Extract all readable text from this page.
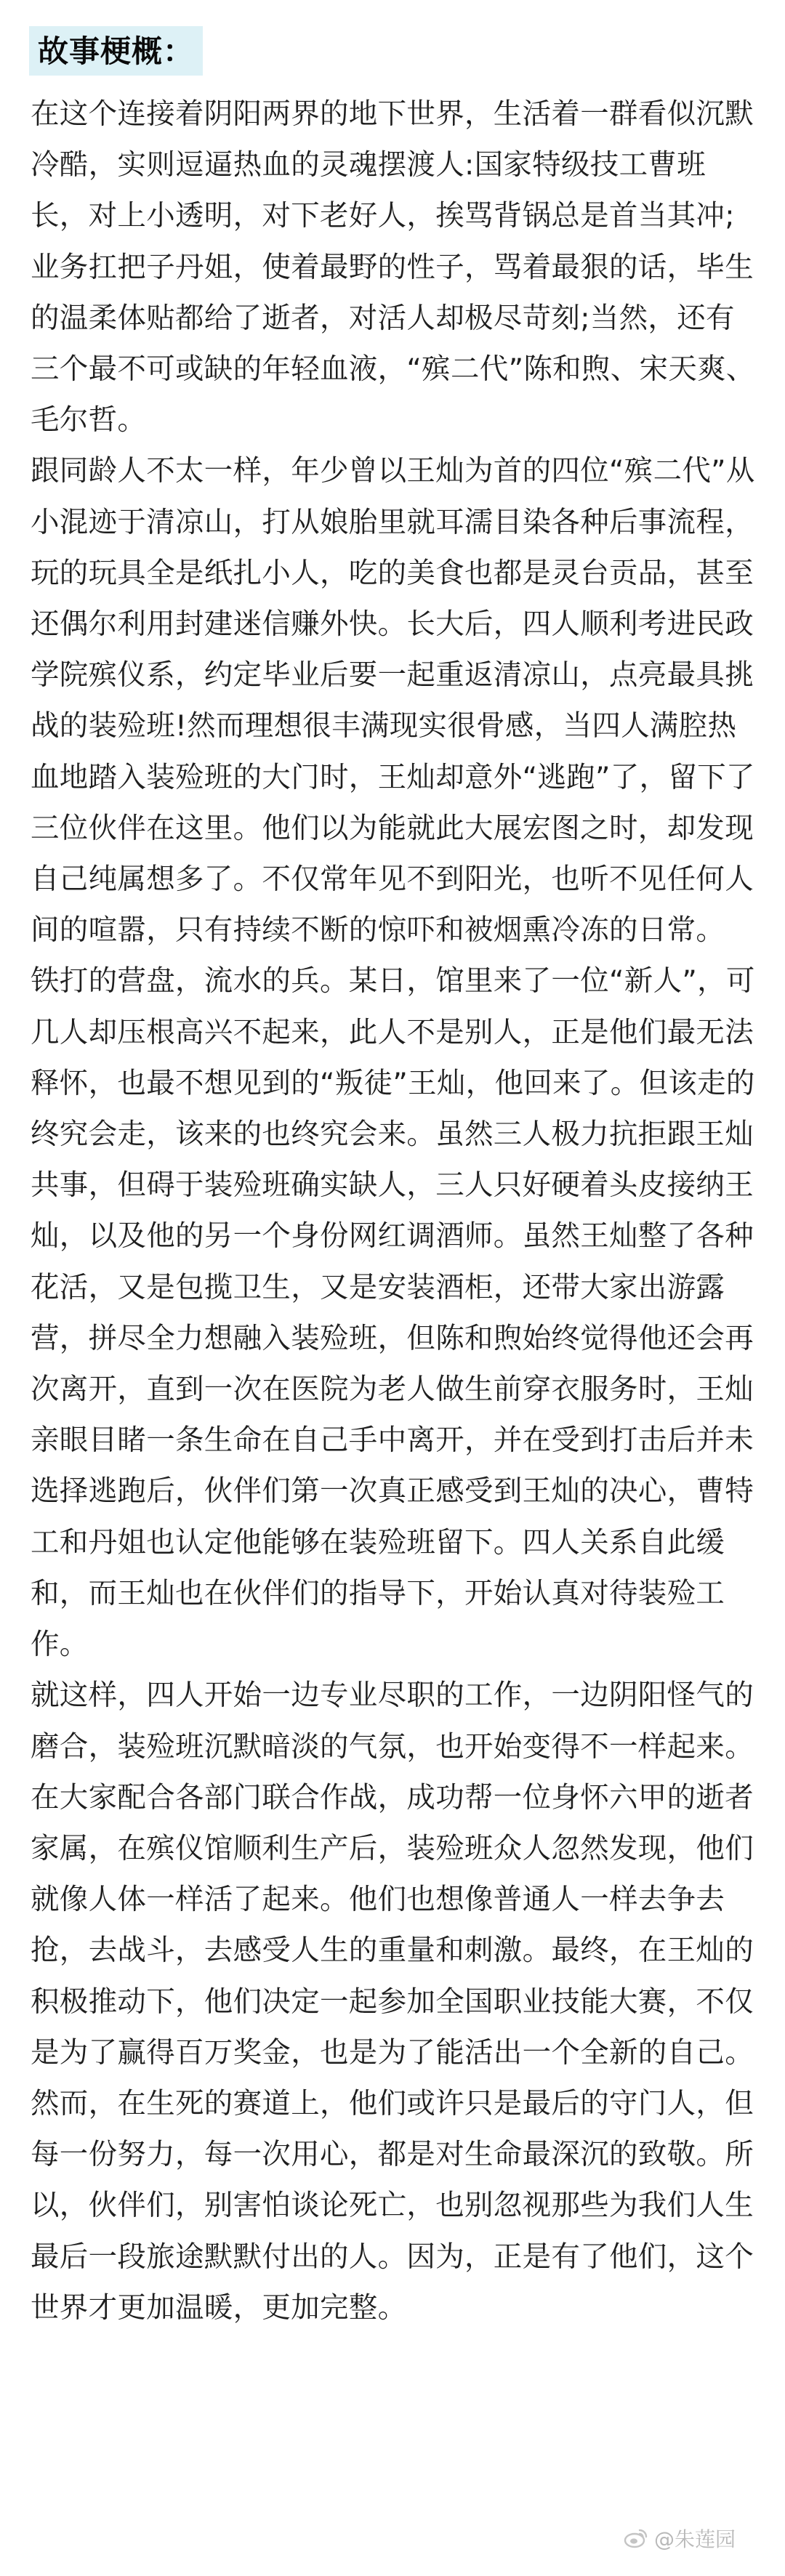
故事梗概：
在这个连接着阴阳两界的地下世界，生活着一群看似沉默
冷酷，实则逗逼热血的灵魂摆渡人:国家特级技工曹班
长，对上小透明，对下老好人，挨骂背锅总是首当其冲;
业务扛把子丹姐，使着最野的性子，骂着最狠的话，毕生
的温柔体贴都给了逝者，对活人却极尽苛刻;当然，还有
三个最不可或缺的年轻血液，“殡二代”陈和煦、宋天爽、
毛尔哲。
跟同龄人不太一样，年少曾以王灿为首的四位“殡二代”从
小混迹于清凉山，打从娘胎里就耳濡目染各种后事流程，
玩的玩具全是纸扎小人，吃的美食也都是灵台贡品，甚至
还偶尔利用封建迷信赚外快。长大后，四人顺利考进民政
学院殡仪系，约定毕业后要一起重返清凉山，点亮最具挑
战的装殓班!然而理想很丰满现实很骨感，当四人满腔热
血地踏入装殓班的大门时，王灿却意外“逃跑”了，留下了
三位伙伴在这里。他们以为能就此大展宏图之时，却发现
自己纯属想多了。不仅常年见不到阳光，也听不见任何人
间的喧嚣，只有持续不断的惊吓和被烟熏冷冻的日常。
铁打的营盘，流水的兵。某日，馆里来了一位“新人”，可
几人却压根高兴不起来，此人不是别人，正是他们最无法
释怀，也最不想见到的“叛徒”王灿，他回来了。但该走的
终究会走，该来的也终究会来。虽然三人极力抗拒跟王灿
共事，但碍于装殓班确实缺人，三人只好硬着头皮接纳王
灿，以及他的另一个身份网红调酒师。虽然王灿整了各种
花活，又是包揽卫生，又是安装酒柜，还带大家出游露
营，拼尽全力想融入装殓班，但陈和煦始终觉得他还会再
次离开，直到一次在医院为老人做生前穿衣服务时，王灿
亲眼目睹一条生命在自己手中离开，并在受到打击后并未
选择逃跑后，伙伴们第一次真正感受到王灿的决心，曹特
工和丹姐也认定他能够在装殓班留下。四人关系自此缓
和，而王灿也在伙伴们的指导下，开始认真对待装殓工
作。
就这样，四人开始一边专业尽职的工作，一边阴阳怪气的
磨合，装殓班沉默暗淡的气氛，也开始变得不一样起来。
在大家配合各部门联合作战，成功帮一位身怀六甲的逝者
家属，在殡仪馆顺利生产后，装殓班众人忽然发现，他们
就像人体一样活了起来。他们也想像普通人一样去争去
抢，去战斗，去感受人生的重量和刺激。最终，在王灿的
积极推动下，他们决定一起参加全国职业技能大赛，不仅
是为了赢得百万奖金，也是为了能活出一个全新的自己。
然而，在生死的赛道上，他们或许只是最后的守门人，但
每一份努力，每一次用心，都是对生命最深沉的致敬。所
以，伙伴们，别害怕谈论死亡，也别忽视那些为我们人生
最后一段旅途默默付出的人。因为，正是有了他们，这个
世界才更加温暖，更加完整。
@朱莲园
